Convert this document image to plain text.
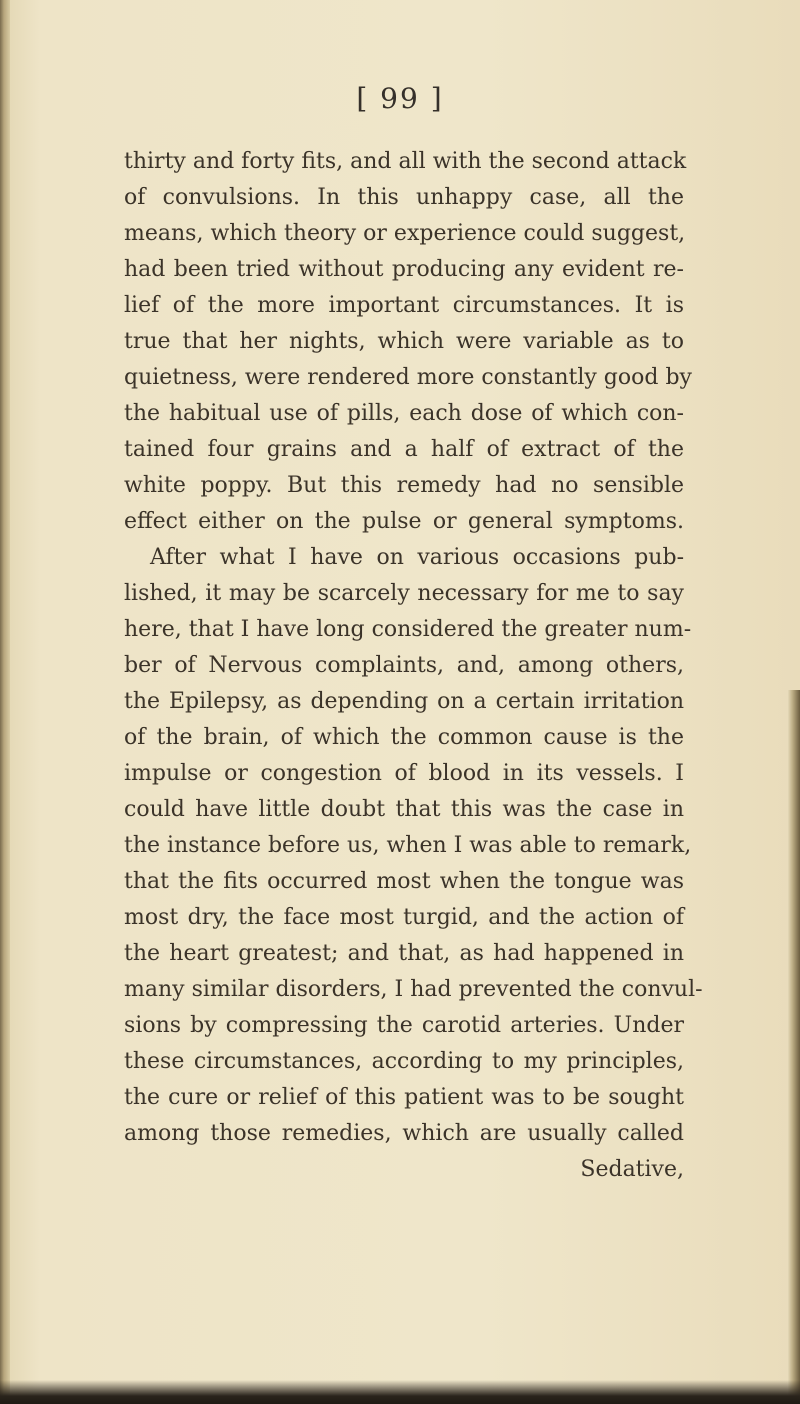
[ 99 ]
thirty and forty fits, and all with the second attack
of convulsions. In this unhappy case, all the
means, which theory or experience could suggest,
had been tried without producing any evident re-
lief of the more important circumstances. It is
true that her nights, which were variable as to
quietness, were rendered more constantly good by
the habitual use of pills, each dose of which con-
tained four grains and a half of extract of the
white poppy. But this remedy had no sensible
effect either on the pulse or general symptoms.
After what I have on various occasions pub-
lished, it may be scarcely necessary for me to say
here, that I have long considered the greater num-
ber of Nervous complaints, and, among others,
the Epilepsy, as depending on a certain irritation
of the brain, of which the common cause is the
impulse or congestion of blood in its vessels. I
could have little doubt that this was the case in
the instance before us, when I was able to remark,
that the fits occurred most when the tongue was
most dry, the face most turgid, and the action of
the heart greatest; and that, as had happened in
many similar disorders, I had prevented the convul-
sions by compressing the carotid arteries. Under
these circumstances, according to my principles,
the cure or relief of this patient was to be sought
among those remedies, which are usually called
Sedative,
